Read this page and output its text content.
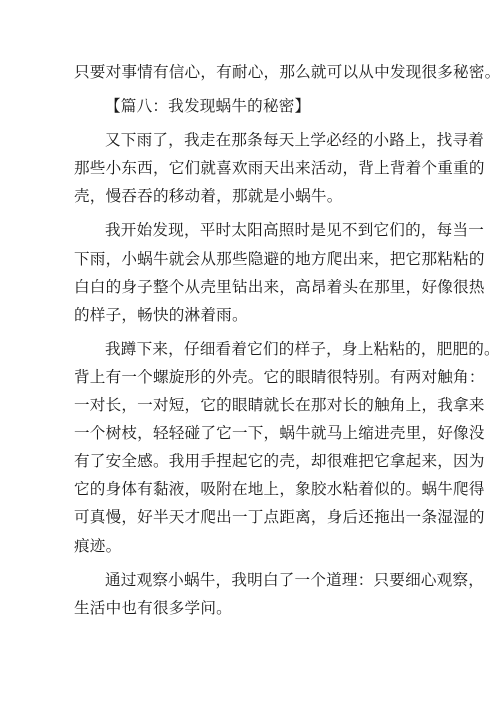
只要对事情有信心，有耐心，那么就可以从中发现很多秘密。
【篇八：我发现蜗牛的秘密】
又下雨了，我走在那条每天上学必经的小路上，找寻着
那些小东西，它们就喜欢雨天出来活动，背上背着个重重的
壳，慢吞吞的移动着，那就是小蜗牛。
我开始发现，平时太阳高照时是见不到它们的，每当一
下雨，小蜗牛就会从那些隐避的地方爬出来，把它那粘粘的
白白的身子整个从壳里钻出来，高昂着头在那里，好像很热
的样子，畅快的淋着雨。
我蹲下来，仔细看着它们的样子，身上粘粘的，肥肥的。
背上有一个螺旋形的外壳。它的眼睛很特别。有两对触角：
一对长，一对短，它的眼睛就长在那对长的触角上，我拿来
一个树枝，轻轻碰了它一下，蜗牛就马上缩进壳里，好像没
有了安全感。我用手捏起它的壳，却很难把它拿起来，因为
它的身体有黏液，吸附在地上，象胶水粘着似的。蜗牛爬得
可真慢，好半天才爬出一丁点距离，身后还拖出一条湿湿的
痕迹。
通过观察小蜗牛，我明白了一个道理：只要细心观察，
生活中也有很多学问。
